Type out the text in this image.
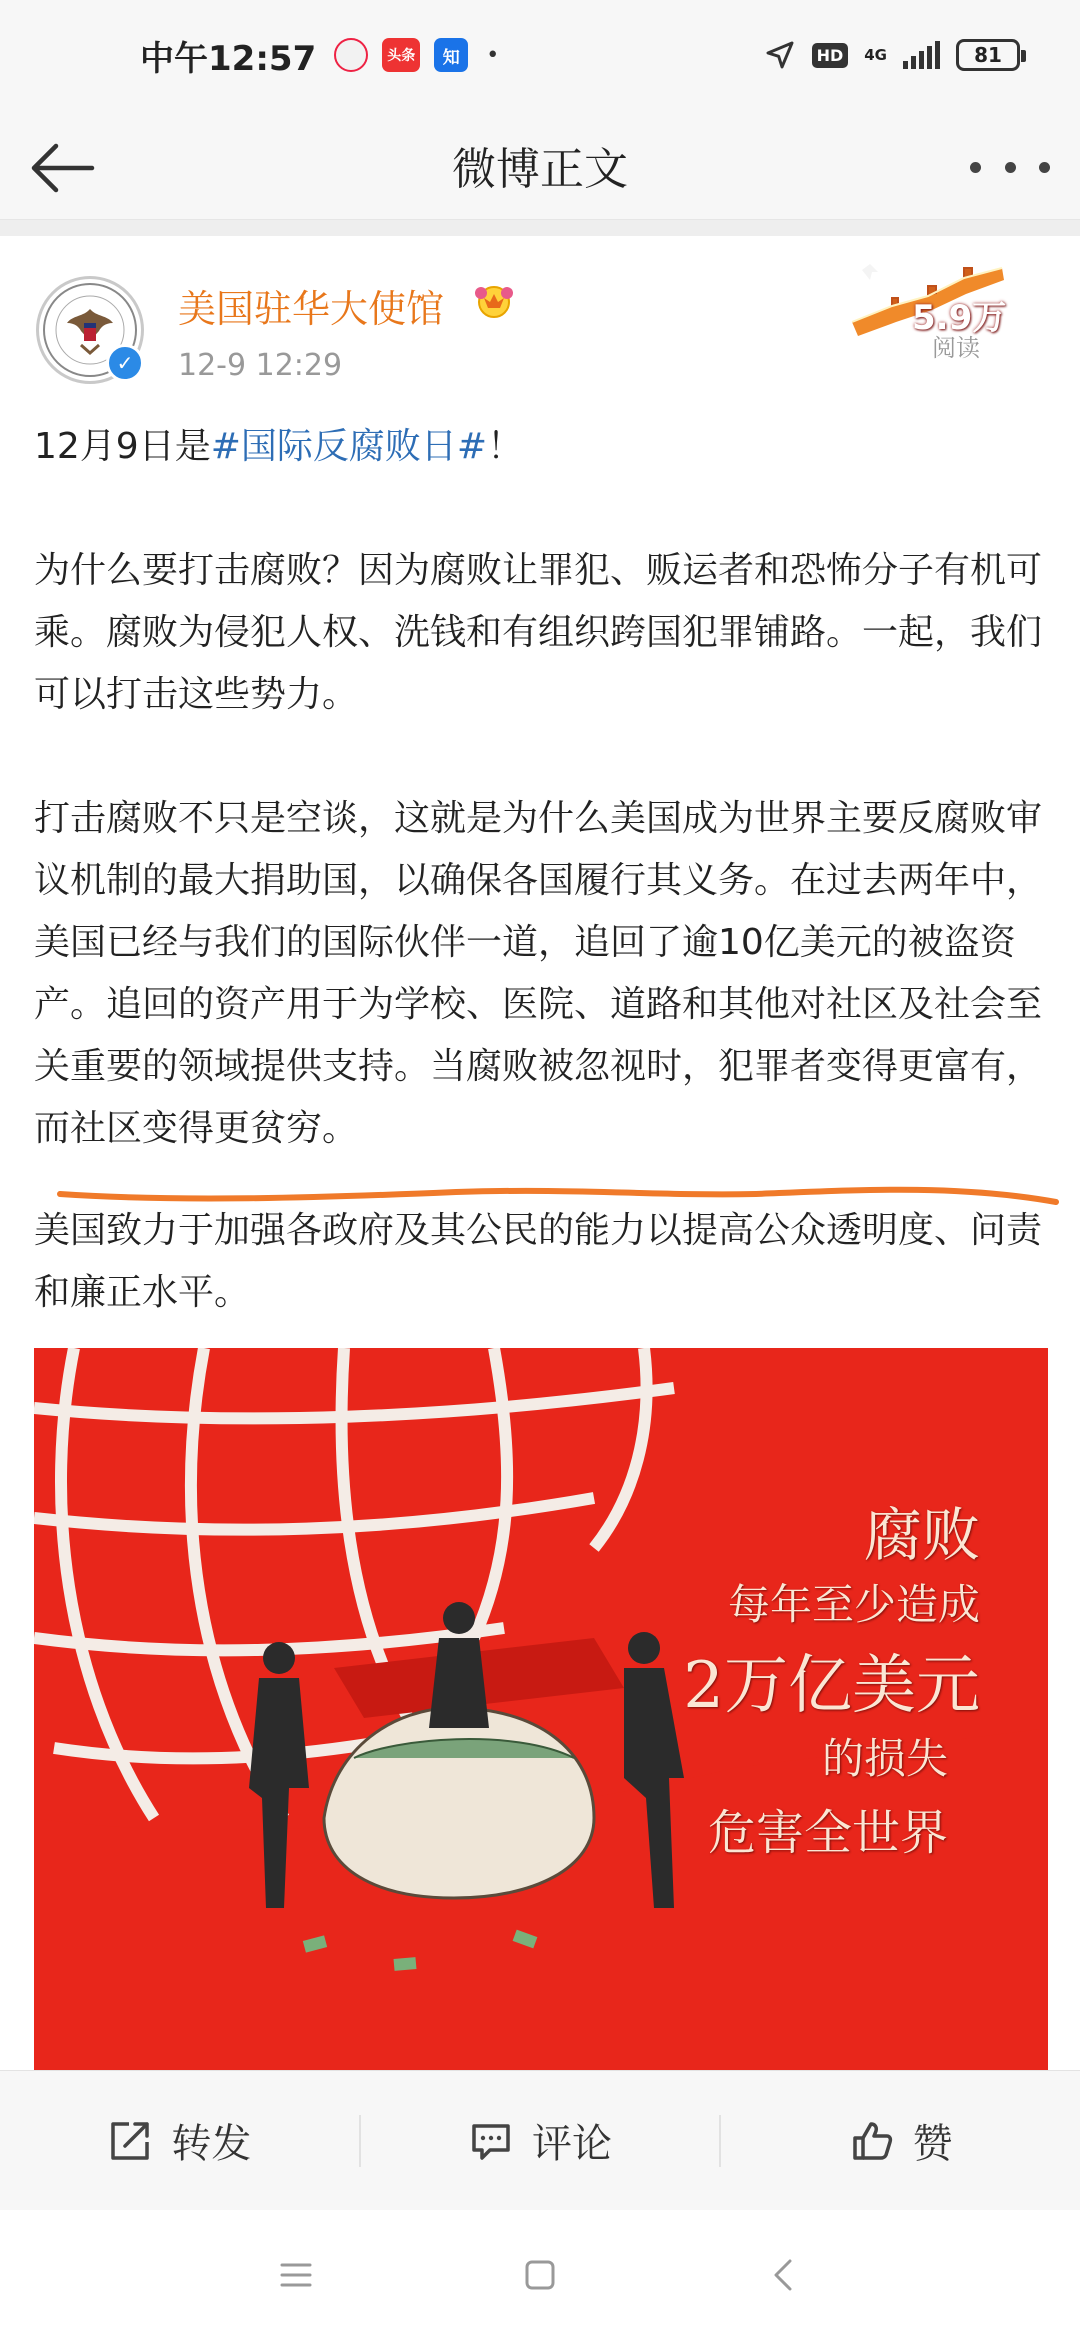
中午12:57	头条	知	•	HD	4G	81
微博正文
✓
美国驻华大使馆
12-9 12:29
5.9万
阅读

12月9日是#国际反腐败日#！

为什么要打击腐败？因为腐败让罪犯、贩运者和恐怖分子有机可乘。腐败为侵犯人权、洗钱和有组织跨国犯罪铺路。一起，我们可以打击这些势力。

打击腐败不只是空谈，这就是为什么美国成为世界主要反腐败审议机制的最大捐助国，以确保各国履行其义务。在过去两年中，美国已经与我们的国际伙伴一道，追回了逾10亿美元的被盗资产。追回的资产用于为学校、医院、道路和其他对社区及社会至关重要的领域提供支持。当腐败被忽视时，犯罪者变得更富有，而社区变得更贫穷。

美国致力于加强各政府及其公民的能力以提高公众透明度、问责和廉正水平。

腐败
每年至少造成
2万亿美元
的损失
危害全世界
转发	评论	赞
